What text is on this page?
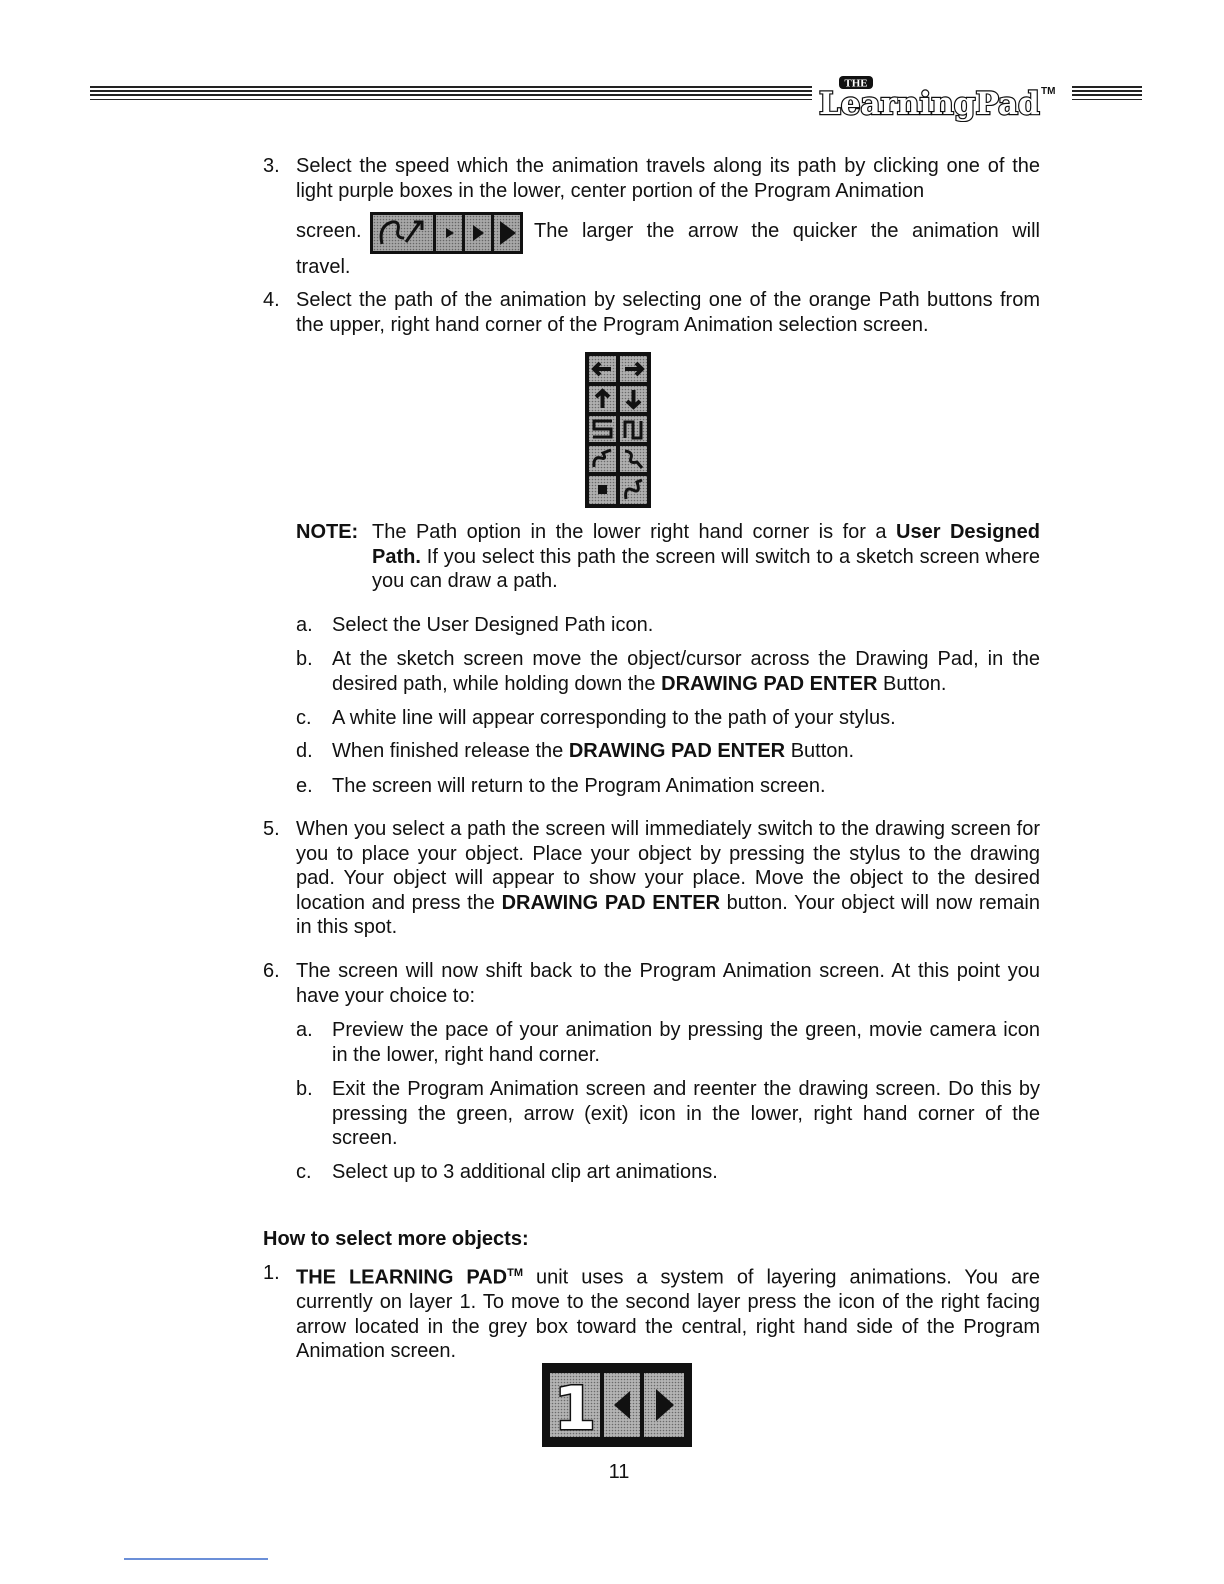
THE
LearningPad TM
3. Select the speed which the animation travels along its path by clicking one of the light purple boxes in the lower, center portion of the Program Animation
screen.	The larger the arrow the quicker the animation will
travel.
4. Select the path of the animation by selecting one of the orange Path buttons from the upper, right hand corner of the Program Animation selection screen.
NOTE: The Path option in the lower right hand corner is for a User Designed Path. If you select this path the screen will switch to a sketch screen where you can draw a path.
a. Select the User Designed Path icon.
b. At the sketch screen move the object/cursor across the Drawing Pad, in the desired path, while holding down the DRAWING PAD ENTER Button.
c. A white line will appear corresponding to the path of your stylus.
d. When finished release the DRAWING PAD ENTER Button.
e. The screen will return to the Program Animation screen.
5. When you select a path the screen will immediately switch to the drawing screen for you to place your object. Place your object by pressing the stylus to the drawing pad. Your object will appear to show your place. Move the object to the desired location and press the DRAWING PAD ENTER button. Your object will now remain in this spot.
6. The screen will now shift back to the Program Animation screen. At this point you have your choice to:
a. Preview the pace of your animation by pressing the green, movie camera icon in the lower, right hand corner.
b. Exit the Program Animation screen and reenter the drawing screen. Do this by pressing the green, arrow (exit) icon in the lower, right hand corner of the screen.
c. Select up to 3 additional clip art animations.
How to select more objects:
1. THE LEARNING PAD™ unit uses a system of layering animations. You are currently on layer 1. To move to the second layer press the icon of the right facing arrow located in the grey box toward the central, right hand side of the Program Animation screen.
1
11
